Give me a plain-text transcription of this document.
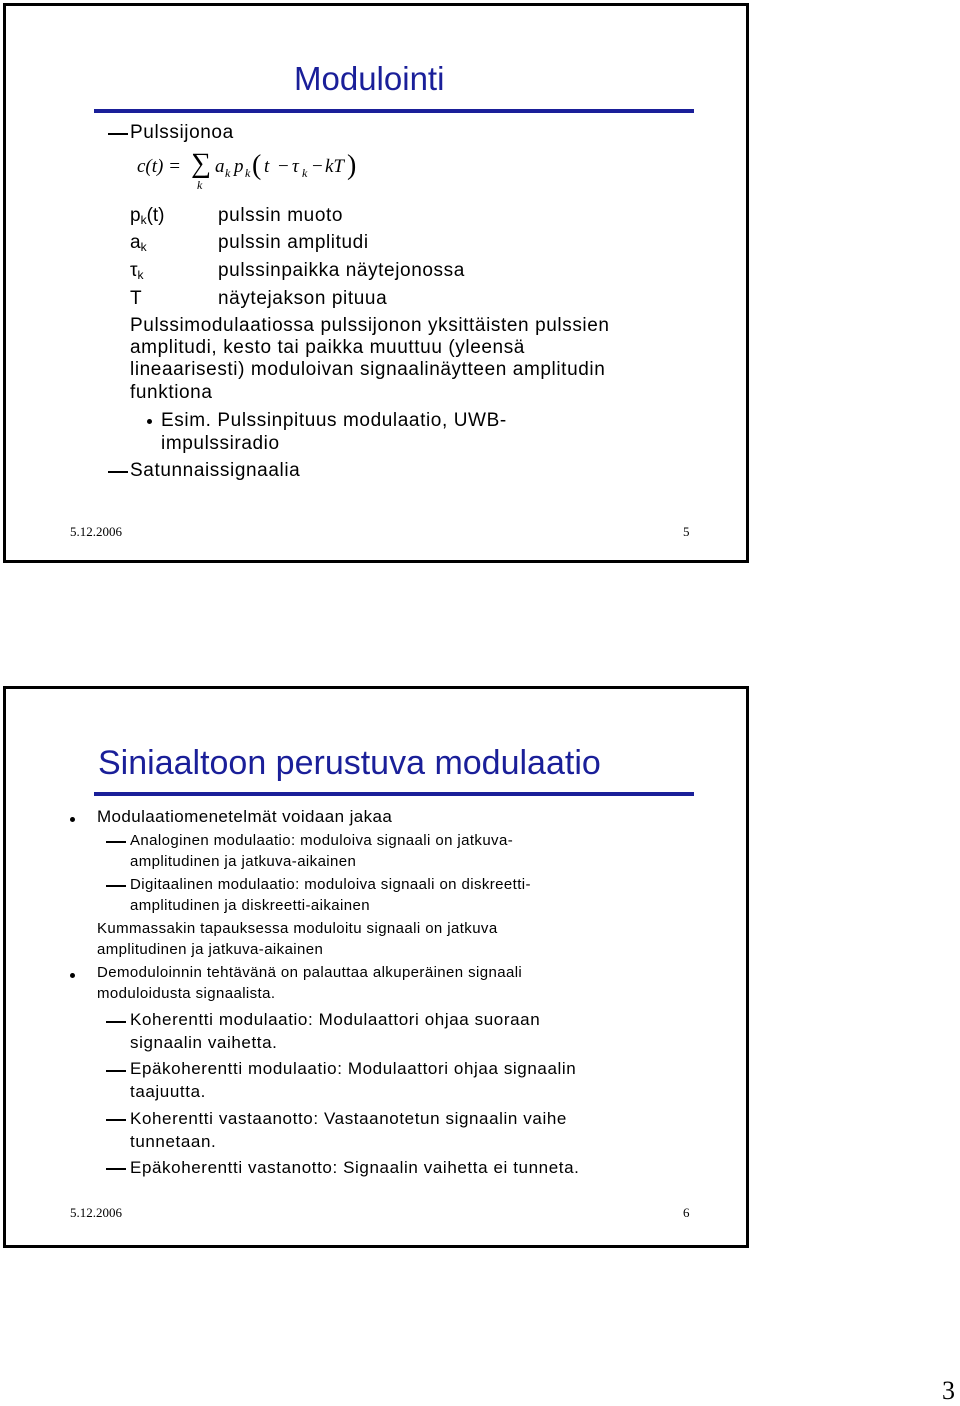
Modulointi
Pulssijonoa
c(t) = ∑
k
a k p k ( t − τ k − kT )
$p_k(t)$	pulssin muoto
$a_k$	pulssin amplitudi
$\tau_k$	pulssinpaikka näytejonossa
T	näytejakson pituua
Pulssimodulaatiossa pulssijonon yksittäisten pulssien
amplitudi, kesto tai paikka muuttuu (yleensä
lineaarisesti) moduloivan signaalinäytteen amplitudin
funktiona
Esim. Pulssinpituus modulaatio, UWB-
impulssiradio
Satunnaissignaalia
5.12.2006	5
Siniaaltoon perustuva modulaatio
Modulaatiomenetelmät voidaan jakaa
Analoginen modulaatio: moduloiva signaali on jatkuva-
amplitudinen ja jatkuva-aikainen
Digitaalinen modulaatio: moduloiva signaali on diskreetti-
amplitudinen ja diskreetti-aikainen
Kummassakin tapauksessa moduloitu signaali on jatkuva
amplitudinen ja jatkuva-aikainen
Demoduloinnin tehtävänä on palauttaa alkuperäinen signaali
moduloidusta signaalista.
Koherentti modulaatio: Modulaattori ohjaa suoraan
signaalin vaihetta.
Epäkoherentti modulaatio: Modulaattori ohjaa signaalin
taajuutta.
Koherentti vastaanotto: Vastaanotetun signaalin vaihe
tunnetaan.
Epäkoherentti vastanotto: Signaalin vaihetta ei tunneta.
5.12.2006	6
3
